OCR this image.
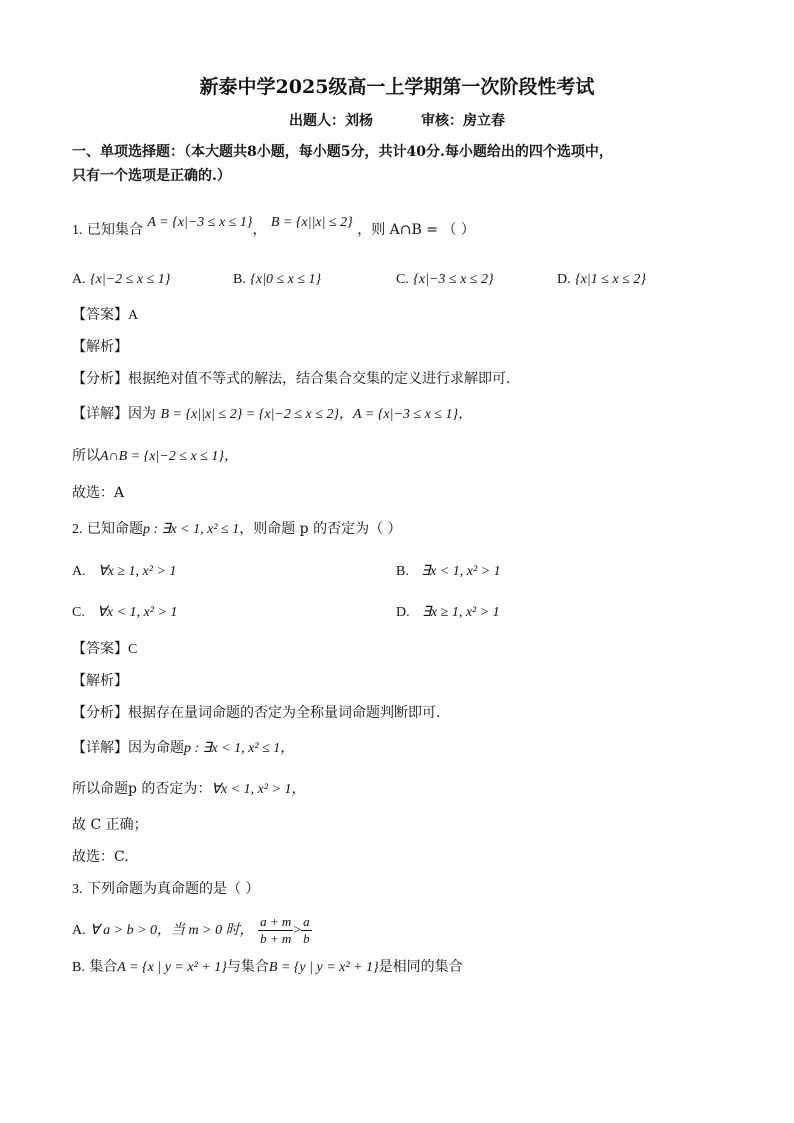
新泰中学2025级高一上学期第一次阶段性考试
出题人：刘杨	审核：房立春
一、单项选择题：（本大题共8小题，每小题5分，共计40分.每小题给出的四个选项中，
只有一个选项是正确的.）
1. 已知集合 A = {x|−3 ≤ x ≤ 1}， B = {x||x| ≤ 2} ，则 A∩B = （ ）
A. {x|−2 ≤ x ≤ 1}	B. {x|0 ≤ x ≤ 1}	C. {x|−3 ≤ x ≤ 2}	D. {x|1 ≤ x ≤ 2}
【答案】A
【解析】
【分析】根据绝对值不等式的解法，结合集合交集的定义进行求解即可.
【详解】因为 B = {x||x| ≤ 2} = {x|−2 ≤ x ≤ 2}，A = {x|−3 ≤ x ≤ 1}，
所以A∩B = {x|−2 ≤ x ≤ 1}，
故选：A
2. 已知命题p : ∃x < 1, x² ≤ 1，则命题 p 的否定为（ ）
A. ∀x ≥ 1, x² > 1	B. ∃x < 1, x² > 1
C. ∀x < 1, x² > 1	D. ∃x ≥ 1, x² > 1
【答案】C
【解析】
【分析】根据存在量词命题的否定为全称量词命题判断即可.
【详解】因为命题p : ∃x < 1, x² ≤ 1，
所以命题p 的否定为：∀x < 1, x² > 1，
故 C 正确；
故选：C.
3. 下列命题为真命题的是（ ）
A. ∀ a > b > 0，当 m > 0 时， $\frac{a + m}{b + m} > \frac{a}{b}$
B. 集合A = {x | y = x² + 1}与集合B = {y | y = x² + 1}是相同的集合
